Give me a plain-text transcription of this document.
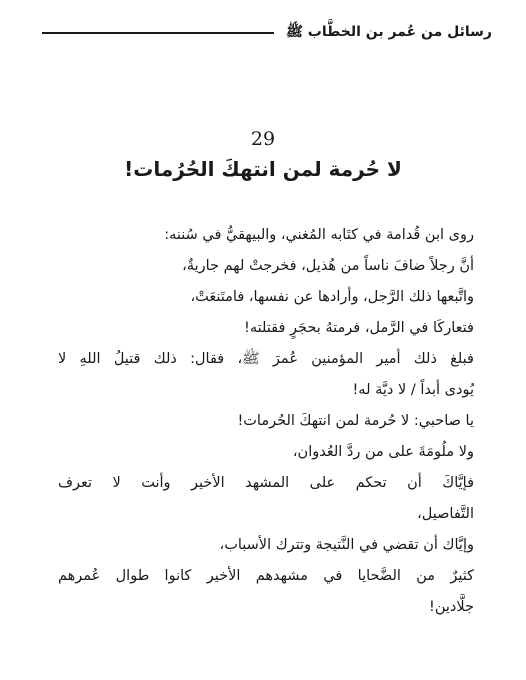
رسائل من عُمر بن الخطَّاب ﷺ
29
لا حُرمة لمن انتهكَ الحُرُمات!
روى ابن قُدامة في كتَابه المُغني، والبيهقيُّ في سُننه:
أنَّ رجلاً ضافَ ناساً من هُذيل، فخرجتْ لهم جاريةٌ،
واتَّبعها ذلك الرَّجل، وأرادها عن نفسها، فامتَنعَتْ،
فتعاركَا في الرَّمل، فرمتهُ بحجَرٍ فقتلته!
فبلغ ذلك أمير المؤمنين عُمرَ ﷺ، فقال: ذلك قتيلُ اللهِ لا
يُودى أبداً / لا ديَّة له!
يا صاحبي: لا حُرمة لمن انتهكَ الحُرمات!
ولا ملُومَةَ على من ردَّ العُدوان،
فإيَّاكَ أن تحكم على المشهد الأخير وأنت لا تعرف
التَّفاصيل،
وإيَّاك أن تقضي في النَّتيجة وتترك الأسباب،
كثيرٌ من الضَّحايا في مشهدهم الأخير كانوا طوال عُمرهم
جلَّادين!
